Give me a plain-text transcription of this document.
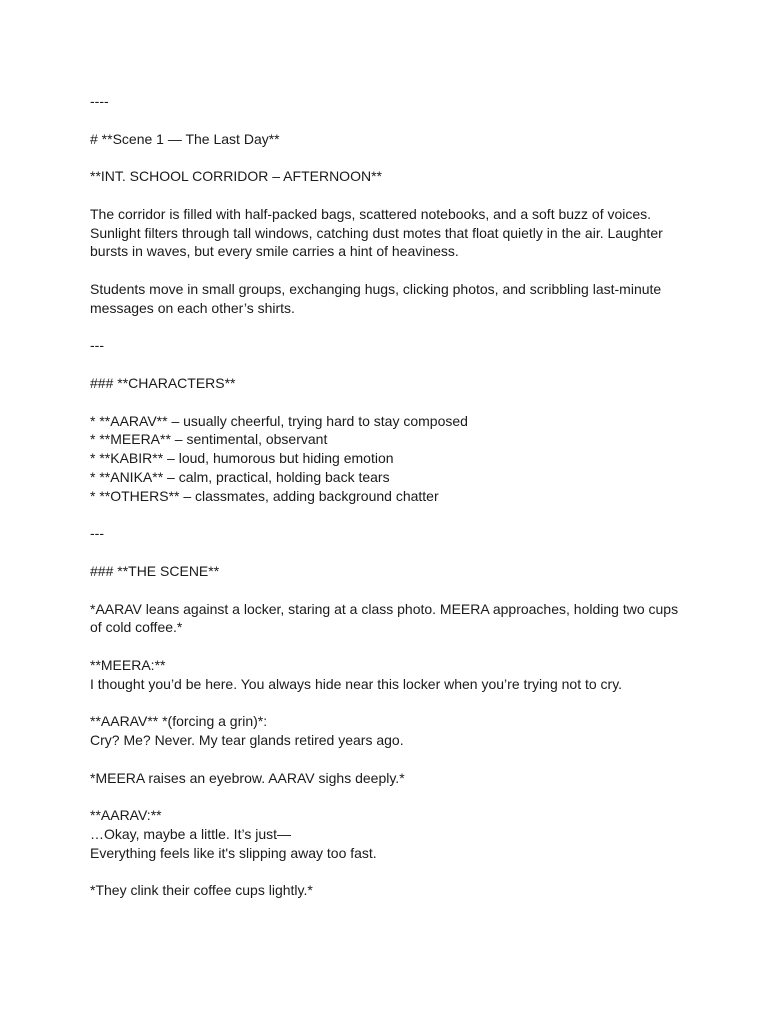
----

# **Scene 1 — The Last Day**

**INT. SCHOOL CORRIDOR – AFTERNOON**

The corridor is filled with half-packed bags, scattered notebooks, and a soft buzz of voices.

Sunlight filters through tall windows, catching dust motes that float quietly in the air. Laughter

bursts in waves, but every smile carries a hint of heaviness.

Students move in small groups, exchanging hugs, clicking photos, and scribbling last-minute

messages on each other’s shirts.

---

### **CHARACTERS**

* **AARAV** – usually cheerful, trying hard to stay composed

* **MEERA** – sentimental, observant

* **KABIR** – loud, humorous but hiding emotion

* **ANIKA** – calm, practical, holding back tears

* **OTHERS** – classmates, adding background chatter

---

### **THE SCENE**

*AARAV leans against a locker, staring at a class photo. MEERA approaches, holding two cups

of cold coffee.*

**MEERA:**

I thought you’d be here. You always hide near this locker when you’re trying not to cry.

**AARAV** *(forcing a grin)*:

Cry? Me? Never. My tear glands retired years ago.

*MEERA raises an eyebrow. AARAV sighs deeply.*

**AARAV:**

…Okay, maybe a little. It’s just—

Everything feels like it's slipping away too fast.

*They clink their coffee cups lightly.*
